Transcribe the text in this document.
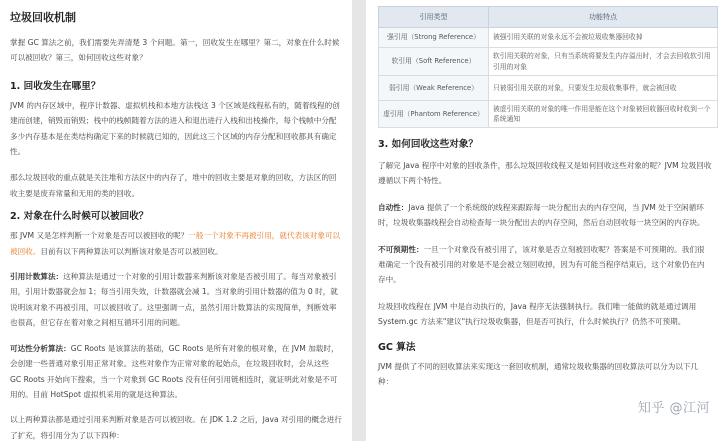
垃圾回收机制

掌握 GC 算法之前，我们需要先弄清楚 3 个问题。第一，回收发生在哪里？第二，对象在什么时候可以被回收？第三，如何回收这些对象？

1. 回收发生在哪里？

JVM 的内存区域中，程序计数器、虚拟机栈和本地方法栈这 3 个区域是线程私有的，随着线程的创建而创建，销毁而销毁；栈中的栈帧随着方法的进入和退出进行入栈和出栈操作，每个栈帧中分配多少内存基本是在类结构确定下来的时候就已知的，因此这三个区域的内存分配和回收都具有确定性。

那么垃圾回收的重点就是关注堆和方法区中的内存了，堆中的回收主要是对象的回收，方法区的回收主要是废弃常量和无用的类的回收。

2. 对象在什么时候可以被回收？

那 JVM 又是怎样判断一个对象是否可以被回收的呢？一般一个对象不再被引用，就代表该对象可以被回收。目前有以下两种算法可以判断该对象是否可以被回收。

引用计数算法：这种算法是通过一个对象的引用计数器来判断该对象是否被引用了。每当对象被引用，引用计数器就会加 1；每当引用失效，计数器就会减 1。当对象的引用计数器的值为 0 时，就说明该对象不再被引用，可以被回收了。这里强调一点，虽然引用计数算法的实现简单，判断效率也很高，但它存在着对象之间相互循环引用的问题。

可达性分析算法：GC Roots 是该算法的基础，GC Roots 是所有对象的根对象，在 JVM 加载时，会创建一些普通对象引用正常对象。这些对象作为正常对象的起始点，在垃圾回收时，会从这些 GC Roots 开始向下搜索，当一个对象到 GC Roots 没有任何引用链相连时，就证明此对象是不可用的。目前 HotSpot 虚拟机采用的就是这种算法。

以上两种算法都是通过引用来判断对象是否可以被回收。在 JDK 1.2 之后，Java 对引用的概念进行了扩充，将引用分为了以下四种：

引用类型	功能特点
强引用（Strong Reference）	被强引用关联的对象永远不会被垃圾收集器回收掉
软引用（Soft Reference）	软引用关联的对象，只有当系统将要发生内存溢出时，才会去回收软引用引用的对象
弱引用（Weak Reference）	只被弱引用关联的对象，只要发生垃圾收集事件，就会被回收
虚引用（Phantom Reference）	被虚引用关联的对象的唯一作用是能在这个对象被回收器回收时收到一个系统通知
3. 如何回收这些对象？

了解完 Java 程序中对象的回收条件，那么垃圾回收线程又是如何回收这些对象的呢？JVM 垃圾回收遵循以下两个特性。

自动性：Java 提供了一个系统级的线程来跟踪每一块分配出去的内存空间，当 JVM 处于空闲循环时，垃圾收集器线程会自动检查每一块分配出去的内存空间，然后自动回收每一块空闲的内存块。

不可预期性：一旦一个对象没有被引用了，该对象是否立刻被回收呢？答案是不可预期的。我们很难确定一个没有被引用的对象是不是会被立刻回收掉，因为有可能当程序结束后，这个对象仍在内存中。

垃圾回收线程在 JVM 中是自动执行的，Java 程序无法强制执行。我们唯一能做的就是通过调用 System.gc 方法来"建议"执行垃圾收集器，但是否可执行，什么时候执行？仍然不可预期。

GC 算法

JVM 提供了不同的回收算法来实现这一套回收机制，通常垃圾收集器的回收算法可以分为以下几种：

知乎 @江河
